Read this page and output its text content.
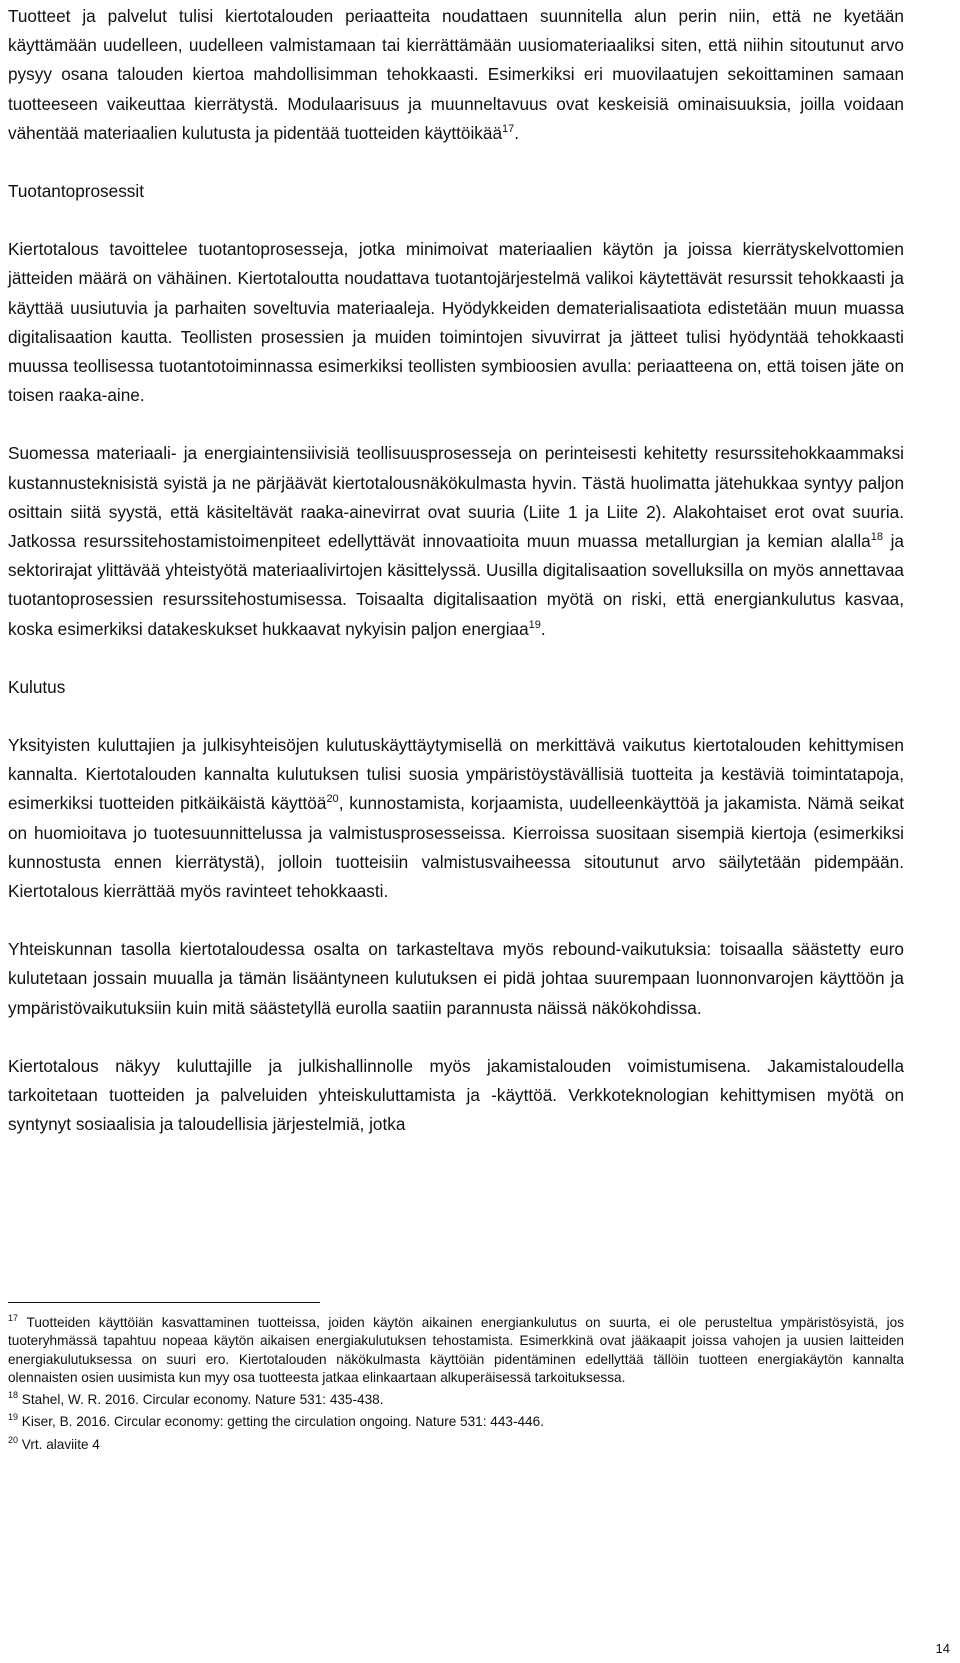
Tuotteet ja palvelut tulisi kiertotalouden periaatteita noudattaen suunnitella alun perin niin, että ne kyetään käyttämään uudelleen, uudelleen valmistamaan tai kierrättämään uusiomateriaaliksi siten, että niihin sitoutunut arvo pysyy osana talouden kiertoa mahdollisimman tehokkaasti. Esimerkiksi eri muovilaatujen sekoittaminen samaan tuotteeseen vaikeuttaa kierrätystä. Modulaarisuus ja muunneltavuus ovat keskeisiä ominaisuuksia, joilla voidaan vähentää materiaalien kulutusta ja pidentää tuotteiden käyttöikää$^{17}$.

Tuotantoprosessit

Kiertotalous tavoittelee tuotantoprosesseja, jotka minimoivat materiaalien käytön ja joissa kierrätyskelvottomien jätteiden määrä on vähäinen. Kiertotaloutta noudattava tuotantojärjestelmä valikoi käytettävät resurssit tehokkaasti ja käyttää uusiutuvia ja parhaiten soveltuvia materiaaleja. Hyödykkeiden dematerialisaatiota edistetään muun muassa digitalisaation kautta. Teollisten prosessien ja muiden toimintojen sivuvirrat ja jätteet tulisi hyödyntää tehokkaasti muussa teollisessa tuotantotoiminnassa esimerkiksi teollisten symbioosien avulla: periaatteena on, että toisen jäte on toisen raaka-aine.

Suomessa materiaali- ja energiaintensiivisiä teollisuusprosesseja on perinteisesti kehitetty resurssitehokkaammaksi kustannusteknisistä syistä ja ne pärjäävät kiertotalousnäkökulmasta hyvin. Tästä huolimatta jätehukkaa syntyy paljon osittain siitä syystä, että käsiteltävät raaka-ainevirrat ovat suuria (Liite 1 ja Liite 2). Alakohtaiset erot ovat suuria. Jatkossa resurssitehostamistoimenpiteet edellyttävät innovaatioita muun muassa metallurgian ja kemian alalla$^{18}$ ja sektorirajat ylittävää yhteistyötä materiaalivirtojen käsittelyssä. Uusilla digitalisaation sovelluksilla on myös annettavaa tuotantoprosessien resurssitehostumisessa. Toisaalta digitalisaation myötä on riski, että energiankulutus kasvaa, koska esimerkiksi datakeskukset hukkaavat nykyisin paljon energiaa$^{19}$.

Kulutus

Yksityisten kuluttajien ja julkisyhteisöjen kulutuskäyttäytymisellä on merkittävä vaikutus kiertotalouden kehittymisen kannalta. Kiertotalouden kannalta kulutuksen tulisi suosia ympäristöystävällisiä tuotteita ja kestäviä toimintatapoja, esimerkiksi tuotteiden pitkäikäistä käyttöä$^{20}$, kunnostamista, korjaamista, uudelleenkäyttöä ja jakamista. Nämä seikat on huomioitava jo tuotesuunnittelussa ja valmistusprosesseissa. Kierroissa suositaan sisempiä kiertoja (esimerkiksi kunnostusta ennen kierrätystä), jolloin tuotteisiin valmistusvaiheessa sitoutunut arvo säilytetään pidempään. Kiertotalous kierrättää myös ravinteet tehokkaasti.

Yhteiskunnan tasolla kiertotaloudessa osalta on tarkasteltava myös rebound-vaikutuksia: toisaalla säästetty euro kulutetaan jossain muualla ja tämän lisääntyneen kulutuksen ei pidä johtaa suurempaan luonnonvarojen käyttöön ja ympäristövaikutuksiin kuin mitä säästetyllä eurolla saatiin parannusta näissä näkökohdissa.

Kiertotalous näkyy kuluttajille ja julkishallinnolle myös jakamistalouden voimistumisena. Jakamistaloudella tarkoitetaan tuotteiden ja palveluiden yhteiskuluttamista ja -käyttöä. Verkkoteknologian kehittymisen myötä on syntynyt sosiaalisia ja taloudellisia järjestelmiä, jotka

$^{17}$ Tuotteiden käyttöiän kasvattaminen tuotteissa, joiden käytön aikainen energiankulutus on suurta, ei ole perusteltua ympäristösyistä, jos tuoteryhmässä tapahtuu nopeaa käytön aikaisen energiakulutuksen tehostamista. Esimerkkinä ovat jääkaapit joissa vahojen ja uusien laitteiden energiakulutuksessa on suuri ero. Kiertotalouden näkökulmasta käyttöiän pidentäminen edellyttää tällöin tuotteen energiakäytön kannalta olennaisten osien uusimista kun myy osa tuotteesta jatkaa elinkaartaan alkuperäisessä tarkoituksessa.

$^{18}$ Stahel, W. R. 2016. Circular economy. Nature 531: 435-438.

$^{19}$ Kiser, B. 2016. Circular economy: getting the circulation ongoing. Nature 531: 443-446.

$^{20}$ Vrt. alaviite 4

14
